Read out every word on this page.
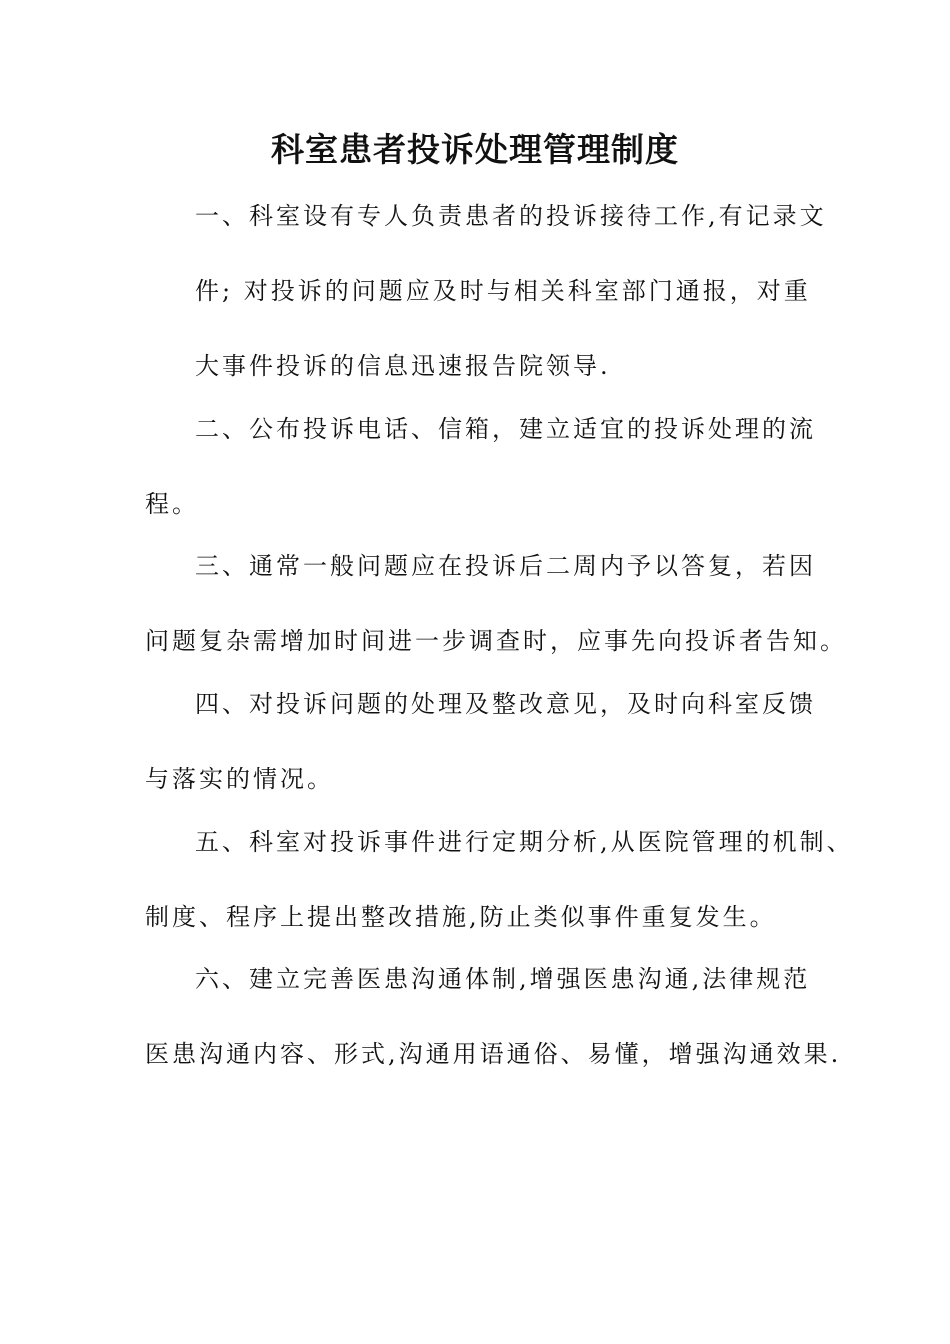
科室患者投诉处理管理制度
一、科室设有专人负责患者的投诉接待工作,有记录文
件; 对投诉的问题应及时与相关科室部门通报，对重
大事件投诉的信息迅速报告院领导.
二、公布投诉电话、信箱，建立适宜的投诉处理的流
程。
三、通常一般问题应在投诉后二周内予以答复，若因
问题复杂需增加时间进一步调查时，应事先向投诉者告知。
四、对投诉问题的处理及整改意见，及时向科室反馈
与落实的情况。
五、科室对投诉事件进行定期分析,从医院管理的机制、
制度、程序上提出整改措施,防止类似事件重复发生。
六、建立完善医患沟通体制,增强医患沟通,法律规范
医患沟通内容、形式,沟通用语通俗、易懂，增强沟通效果.
